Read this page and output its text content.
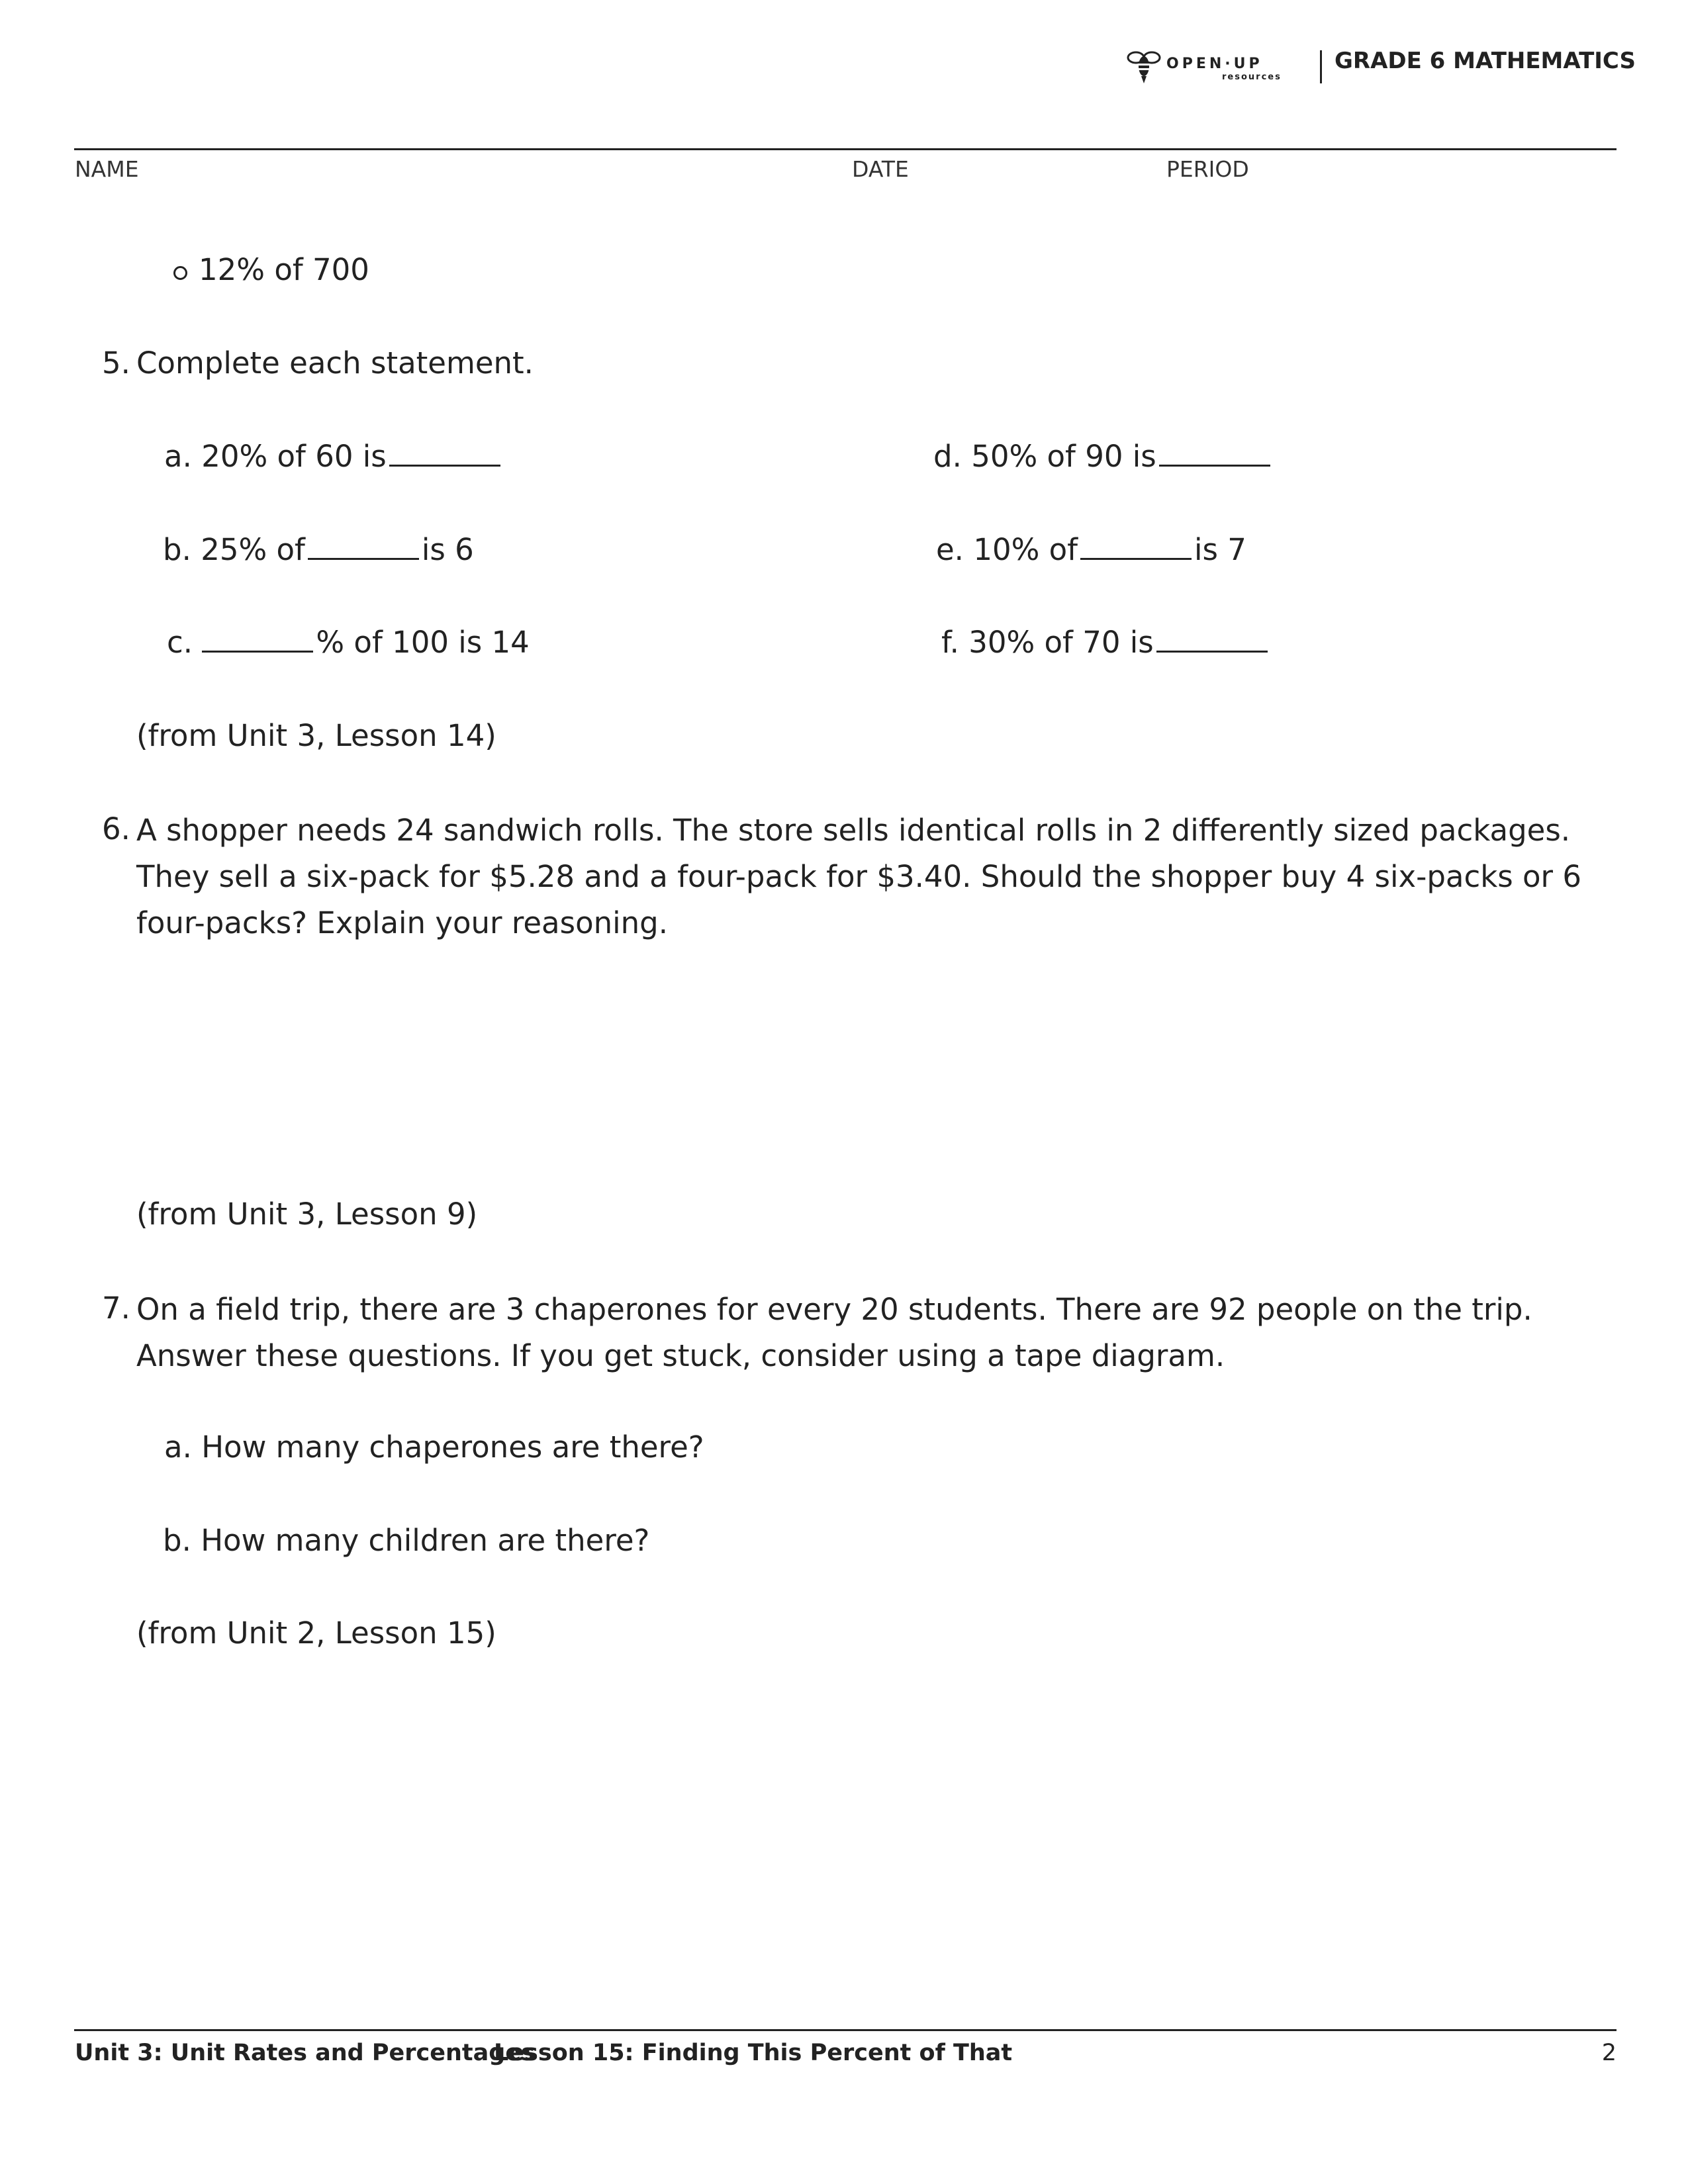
OPEN·UP
resources
GRADE 6 MATHEMATICS
NAME	DATE	PERIOD
12% of 700
5. Complete each statement.
a. 20% of 60 is
b. 25% of	is 6
c.	% of 100 is 14
d. 50% of 90 is
e. 10% of	is 7
f. 30% of 70 is
(from Unit 3, Lesson 14)
6. A shopper needs 24 sandwich rolls. The store sells identical rolls in 2 differently sized packages. They sell a six-pack for $5.28 and a four-pack for $3.40. Should the shopper buy 4 six-packs or 6 four-packs? Explain your reasoning.
(from Unit 3, Lesson 9)
7. On a field trip, there are 3 chaperones for every 20 students. There are 92 people on the trip. Answer these questions. If you get stuck, consider using a tape diagram.
a. How many chaperones are there?
b. How many children are there?
(from Unit 2, Lesson 15)
Unit 3: Unit Rates and Percentages
Lesson 15: Finding This Percent of That	2
